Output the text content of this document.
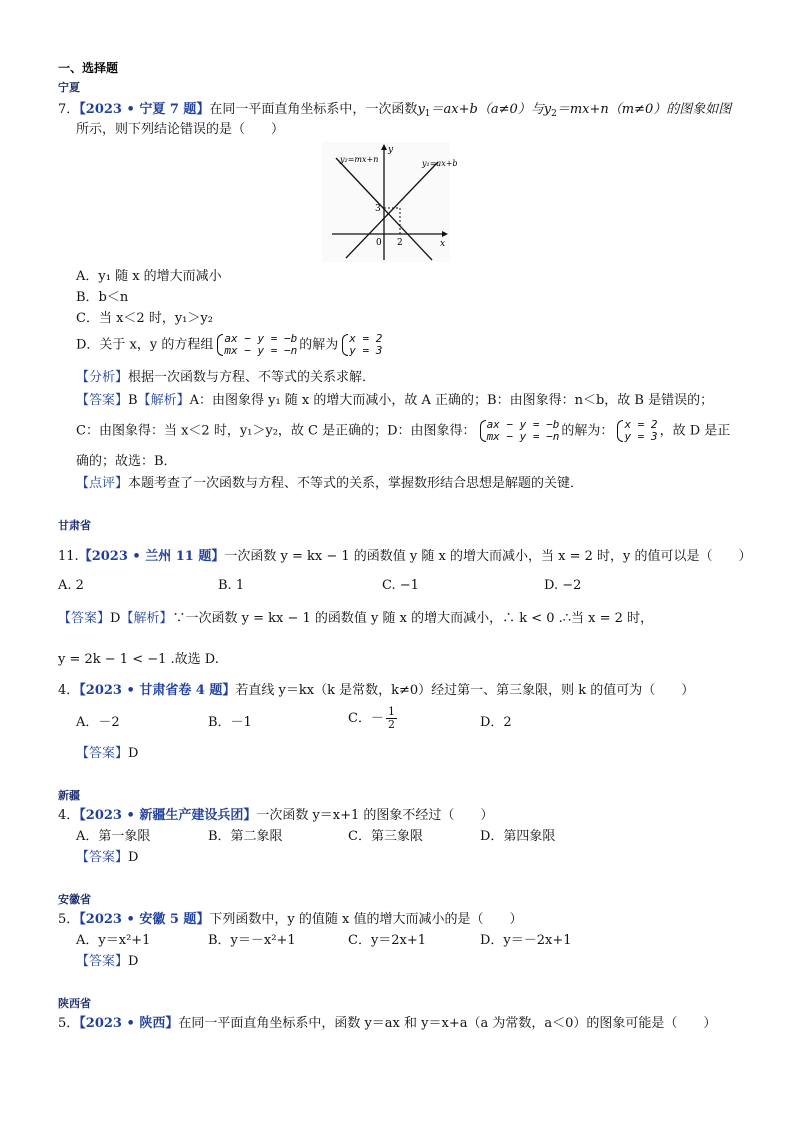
一、选择题
宁夏
7．【2023 • 宁夏 7 题】在同一平面直角坐标系中，一次函数$y_1=ax+b(a\ne 0)$与$y_2=mx+n(m\ne 0)$的图象如图
所示，则下列结论错误的是（　　）
y₂=mx+n	y₁=ax+b
y
x
3
2
0
A．y₁ 随 x 的增大而减小
B．b＜n
C．当 x＜2 时，y₁＞y₂
D．关于 x，y 的方程组 ax − y = −b
mx − y = −n 的解为 x = 2
y = 3
【分析】根据一次函数与方程、不等式的关系求解．
【答案】B【解析】A：由图象得 y₁ 随 x 的增大而减小，故 A 正确的；B：由图象得：n＜b，故 B 是错误的；
C：由图象得：当 x＜2 时，y₁＞y₂，故 C 是正确的；D：由图象得： ax − y = −b
mx − y = −n 的解为： x = 2
y = 3 ，故 D 是正
确的；故选：B．
【点评】本题考查了一次函数与方程、不等式的关系，掌握数形结合思想是解题的关键．
甘肃省
11.【2023 • 兰州 11 题】一次函数 y = kx − 1 的函数值 y 随 x 的增大而减小，当 x = 2 时，y 的值可以是（　　）
A. 2	B. 1	C. −1	D. −2
【答案】D【解析】∵一次函数 y = kx − 1 的函数值 y 随 x 的增大而减小，∴ k < 0 .∴当 x = 2 时，
y = 2k − 1 < −1 .故选 D.
4．【2023 • 甘肃省卷 4 题】若直线 y＝kx（k 是常数，k≠0）经过第一、第三象限，则 k 的值可为（　　）
A．－2	B．－1	C．－ $\frac{1}{2}$	D．2
【答案】D
新疆
4．【2023 • 新疆生产建设兵团】一次函数 y＝x+1 的图象不经过（　　）
A．第一象限	B．第二象限	C．第三象限	D．第四象限
【答案】D
安徽省
5．【2023 • 安徽 5 题】下列函数中，y 的值随 x 值的增大而减小的是（　　）
A．y＝x²+1	B．y＝－x²+1	C．y＝2x+1	D．y＝－2x+1
【答案】D
陕西省
5．【2023 • 陕西】在同一平面直角坐标系中，函数 y＝ax 和 y＝x+a（a 为常数，a＜0）的图象可能是（　　）
